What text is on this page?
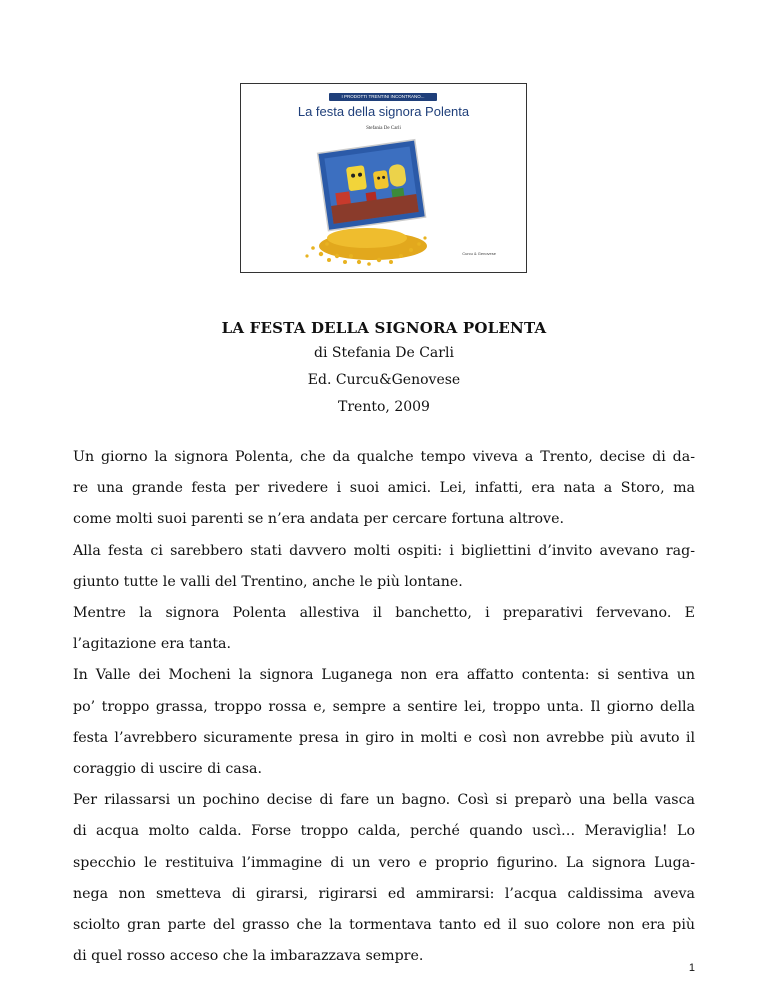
I PRODOTTI TRENTINI INCONTRANO...
La festa della signora Polenta
Stefania De Carli
Curcu & Genovese
LA FESTA DELLA SIGNORA POLENTA
di Stefania De Carli
Ed. Curcu&Genovese
Trento, 2009

Un giorno la signora Polenta, che da qualche tempo viveva a Trento, decise di da-

re una grande festa per rivedere i suoi amici. Lei, infatti, era nata a Storo, ma

come molti suoi parenti se n’era andata per cercare fortuna altrove.

Alla festa ci sarebbero stati davvero molti ospiti: i bigliettini d’invito avevano rag-

giunto tutte le valli del Trentino, anche le più lontane.

Mentre la signora Polenta allestiva il banchetto, i preparativi fervevano. E

l’agitazione era tanta.

In Valle dei Mocheni la signora Luganega non era affatto contenta: si sentiva un

po’ troppo grassa, troppo rossa e, sempre a sentire lei, troppo unta. Il giorno della

festa l’avrebbero sicuramente presa in giro in molti e così non avrebbe più avuto il

coraggio di uscire di casa.

Per rilassarsi un pochino decise di fare un bagno. Così si preparò una bella vasca

di acqua molto calda. Forse troppo calda, perché quando uscì… Meraviglia! Lo

specchio le restituiva l’immagine di un vero e proprio figurino. La signora Luga-

nega non smetteva di girarsi, rigirarsi ed ammirarsi: l’acqua caldissima aveva

sciolto gran parte del grasso che la tormentava tanto ed il suo colore non era più

di quel rosso acceso che la imbarazzava sempre.

1
